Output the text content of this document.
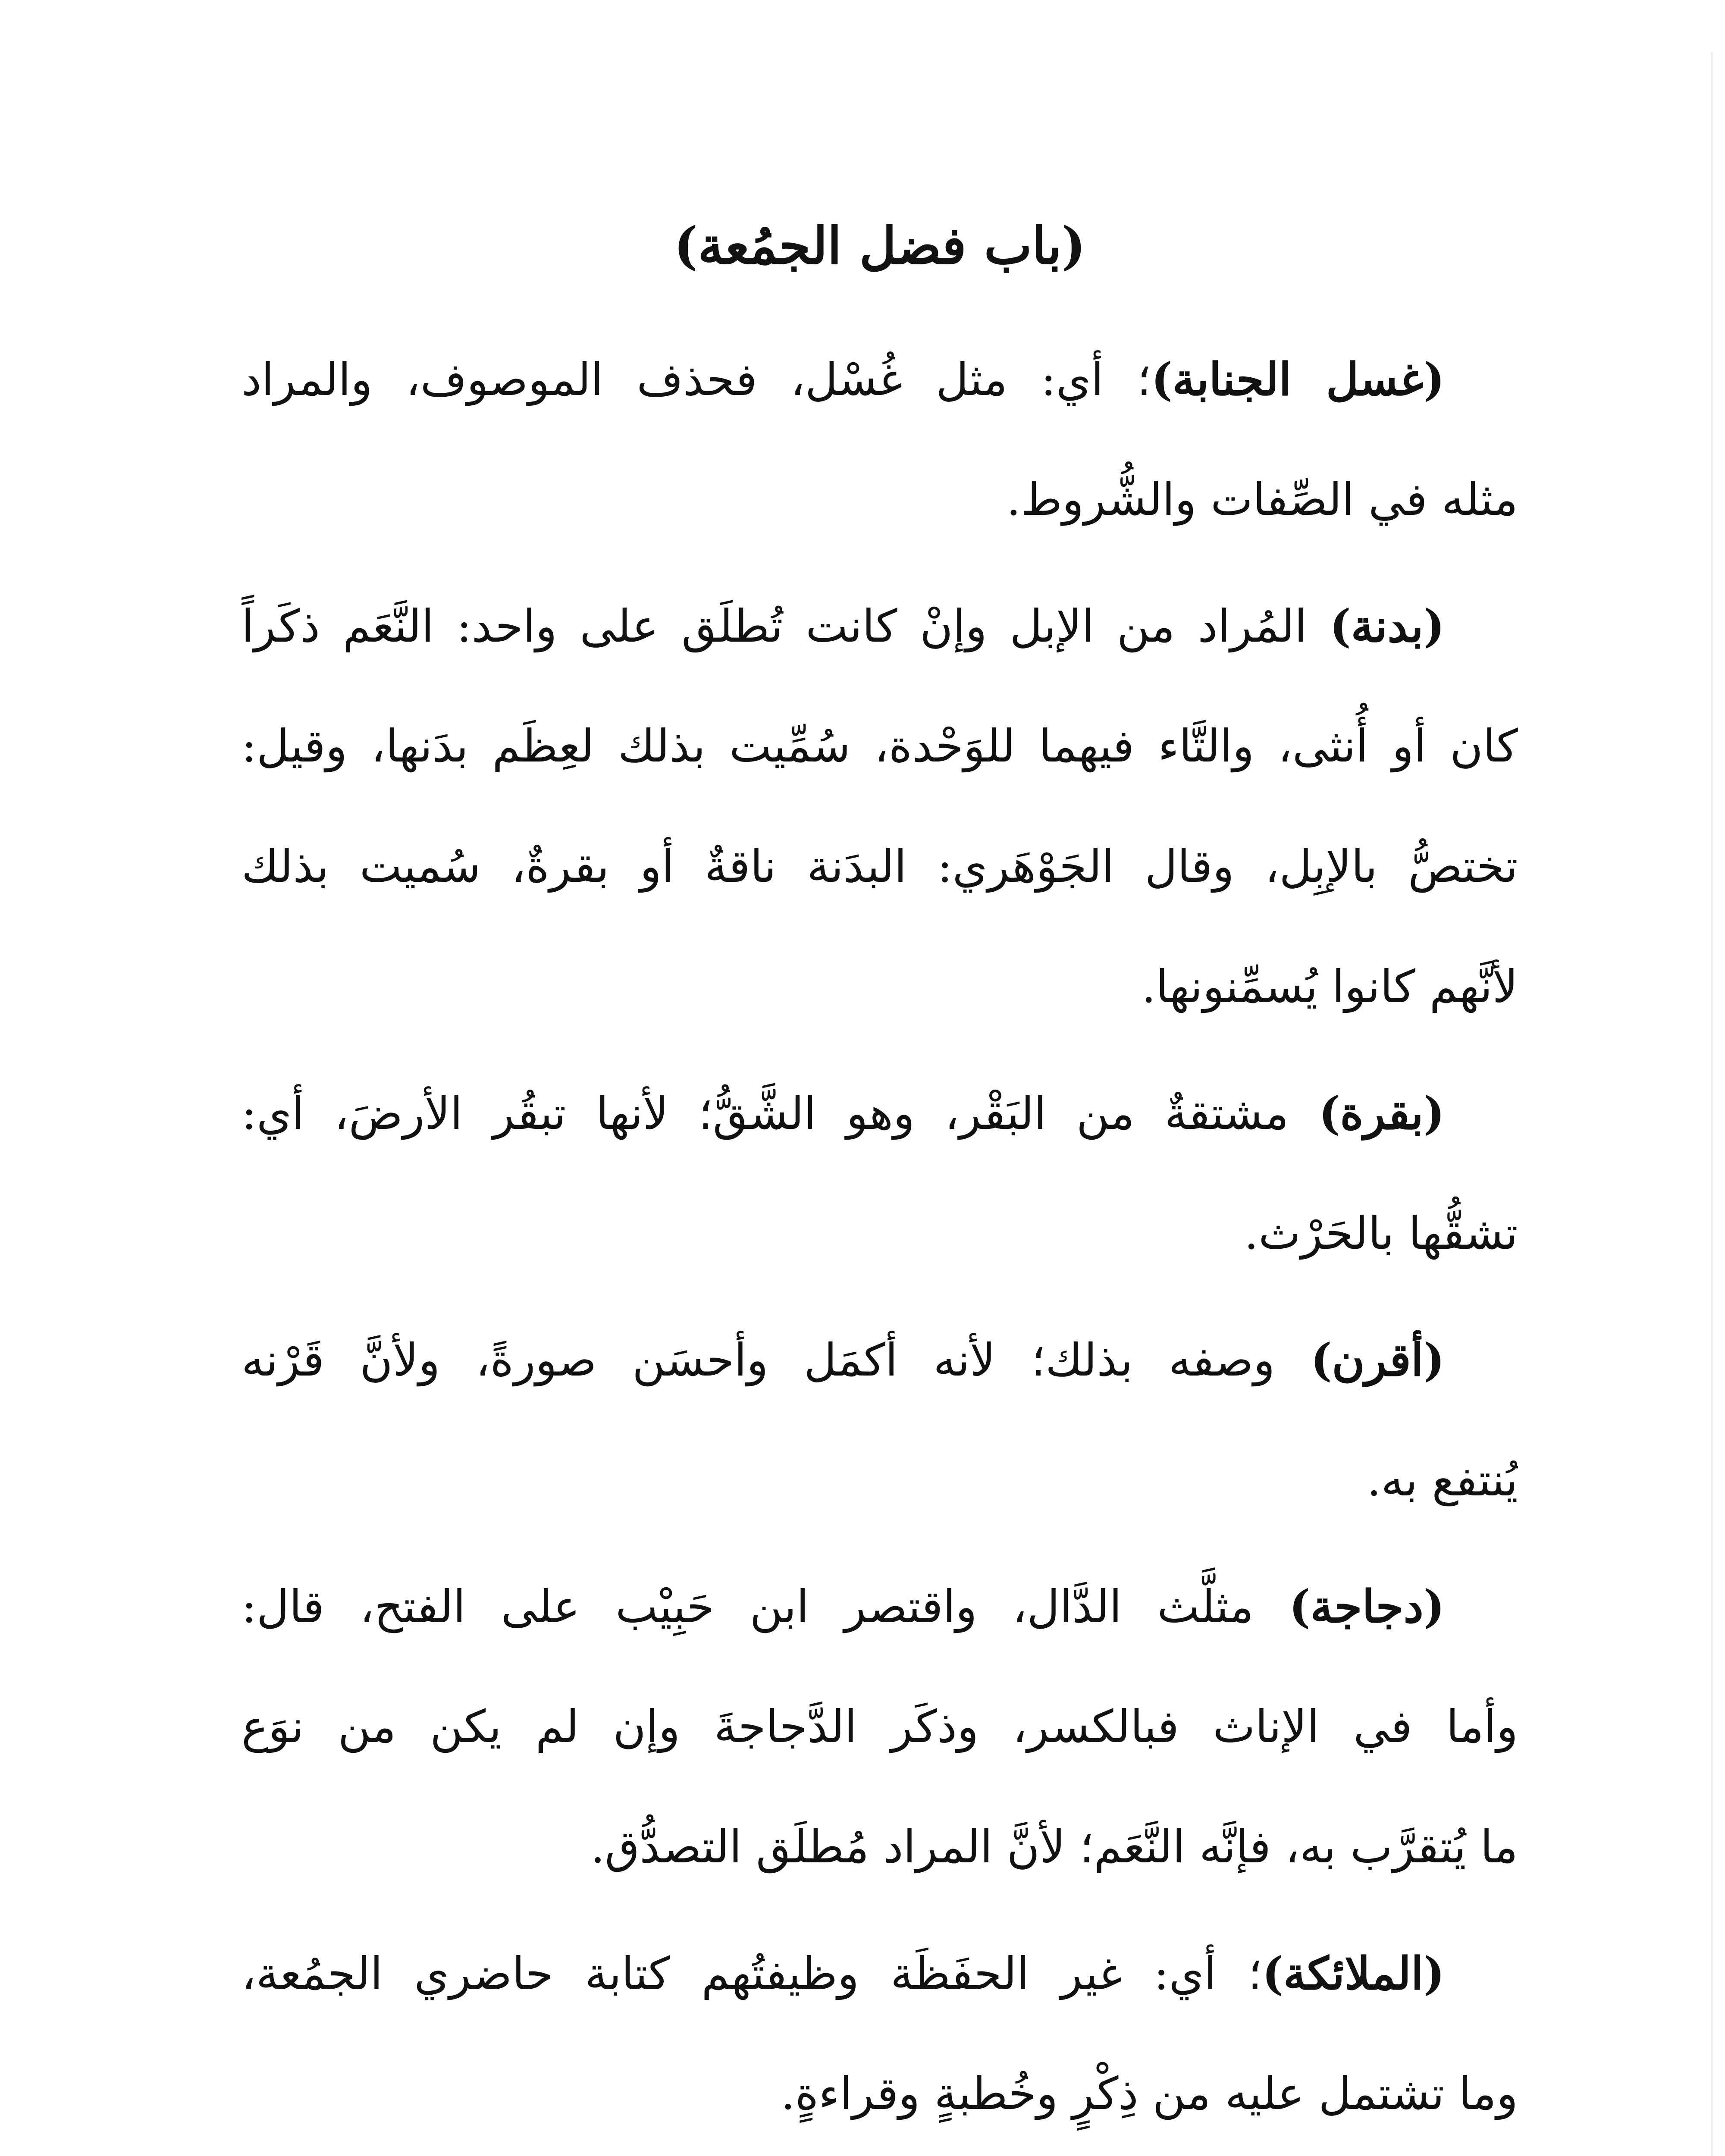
(باب فضل الجمُعة)
(غسل الجنابة)؛ أي: مثل غُسْل، فحذف الموصوف، والمراد
مثله في الصِّفات والشُّروط.
(بدنة) المُراد من الإبل وإنْ كانت تُطلَق على واحد: النَّعَم ذكَراً
كان أو أُنثى، والتَّاء فيهما للوَحْدة، سُمِّيت بذلك لعِظَم بدَنها، وقيل:
تختصُّ بالإبِل، وقال الجَوْهَري: البدَنة ناقةٌ أو بقرةٌ، سُميت بذلك
لأنَّهم كانوا يُسمِّنونها.
(بقرة) مشتقةٌ من البَقْر، وهو الشَّقُّ؛ لأنها تبقُر الأرضَ، أي:
تشقُّها بالحَرْث.
(أقرن) وصفه بذلك؛ لأنه أكمَل وأحسَن صورةً، ولأنَّ قَرْنه
يُنتفع به.
(دجاجة) مثلَّث الدَّال، واقتصر ابن حَبِيْب على الفتح، قال:
وأما في الإناث فبالكسر، وذكَر الدَّجاجةَ وإن لم يكن من نوَع
ما يُتقرَّب به، فإنَّه النَّعَم؛ لأنَّ المراد مُطلَق التصدُّق.
(الملائكة)؛ أي: غير الحفَظَة وظيفتُهم كتابة حاضري الجمُعة،
وما تشتمل عليه من ذِكْرٍ وخُطبةٍ وقراءةٍ.
